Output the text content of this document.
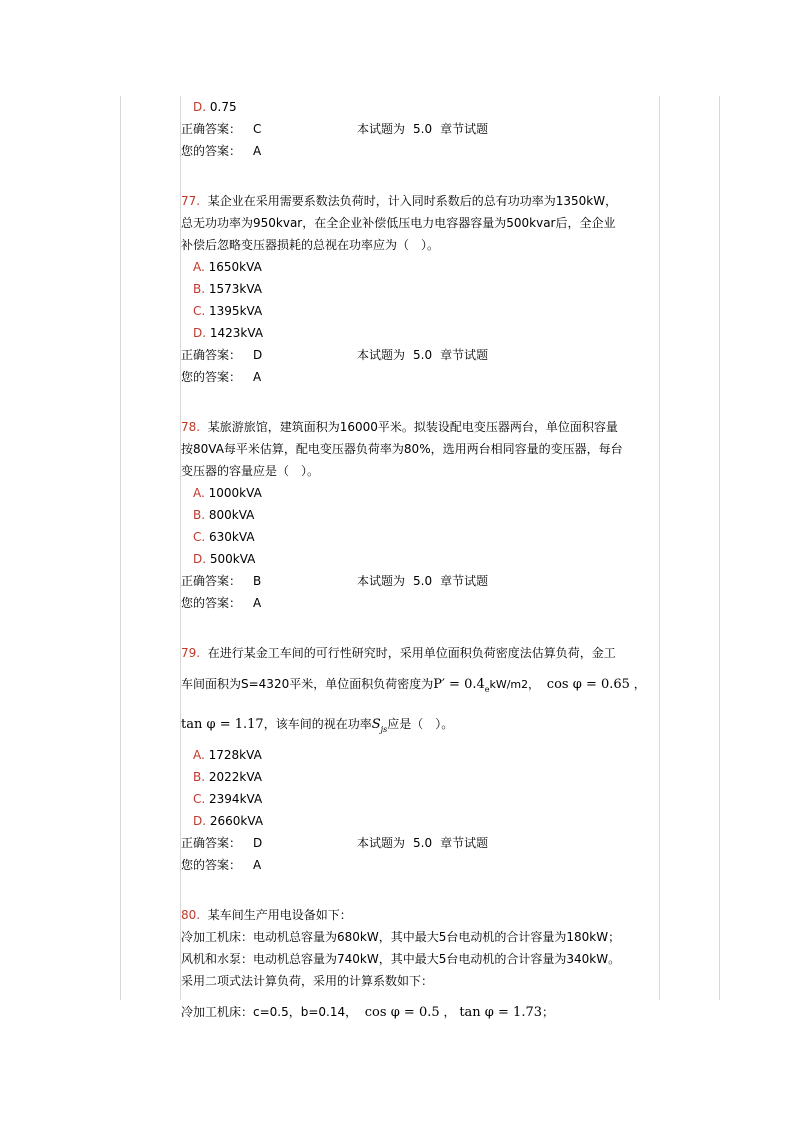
D. 0.75
正确答案： C	本试题为 5.0 章节试题
您的答案： A
77. 某企业在采用需要系数法负荷时，计入同时系数后的总有功功率为1350kW，
总无功功率为950kvar，在全企业补偿低压电力电容器容量为500kvar后，全企业
补偿后忽略变压器损耗的总视在功率应为（　）。
A. 1650kVA
B. 1573kVA
C. 1395kVA
D. 1423kVA
正确答案： D	本试题为 5.0 章节试题
您的答案： A
78. 某旅游旅馆，建筑面积为16000平米。拟装设配电变压器两台，单位面积容量
按80VA每平米估算，配电变压器负荷率为80%，选用两台相同容量的变压器，每台
变压器的容量应是（　）。
A. 1000kVA
B. 800kVA
C. 630kVA
D. 500kVA
正确答案： B	本试题为 5.0 章节试题
您的答案： A
79. 在进行某金工车间的可行性研究时，采用单位面积负荷密度法估算负荷，金工
车间面积为S=4320平米，单位面积负荷密度为$P' = 0.4_ekW/m2$， cos φ = 0.65 ，
tan φ = 1.17，该车间的视在功率$S_{js}$应是（　）。
A. 1728kVA
B. 2022kVA
C. 2394kVA
D. 2660kVA
正确答案： D	本试题为 5.0 章节试题
您的答案： A
80. 某车间生产用电设备如下：
冷加工机床：电动机总容量为680kW，其中最大5台电动机的合计容量为180kW；
风机和水泵：电动机总容量为740kW，其中最大5台电动机的合计容量为340kW。
采用二项式法计算负荷，采用的计算系数如下：
冷加工机床：c=0.5，b=0.14， cos φ = 0.5 ， tan φ = 1.73；
